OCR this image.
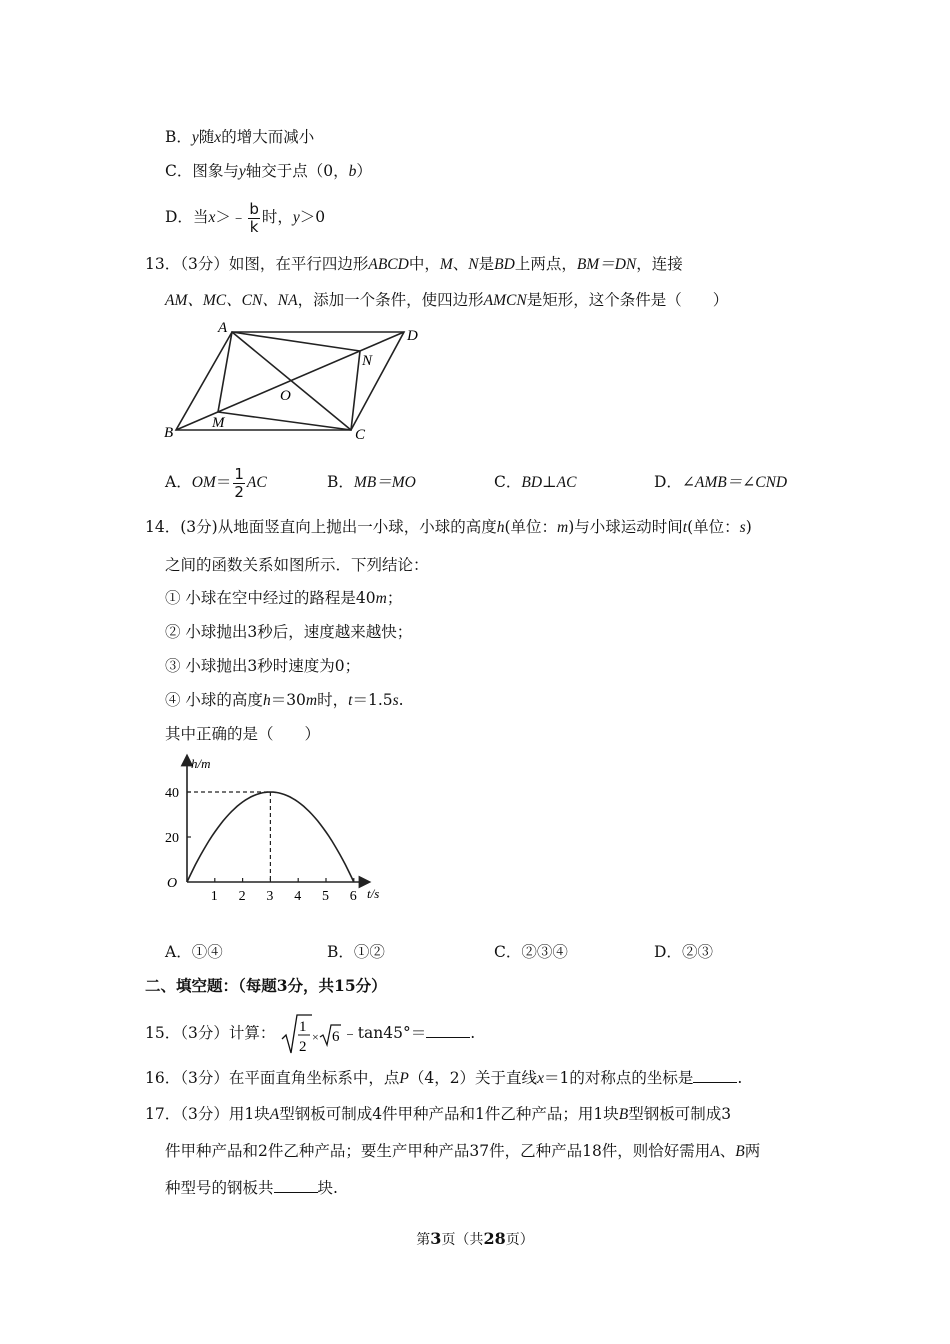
B．y随x的增大而减小
C．图象与y轴交于点（0，b）
D．当x＞﹣ $\frac{b}{k}$ 时，y＞0
13．（3分）如图，在平行四边形ABCD中，M、N是BD上两点，BM＝DN，连接
AM、MC、CN、NA，添加一个条件，使四边形AMCN是矩形，这个条件是（　　）
A	D
N
O
M
B	C
A．$OM= \frac{1}{2}$ AC	B．MB＝MO	C．BD⊥AC	D．∠AMB＝∠CND
14．(3分)从地面竖直向上抛出一小球，小球的高度h(单位：m)与小球运动时间t(单位：s)
之间的函数关系如图所示．下列结论：
① 小球在空中经过的路程是40m；
② 小球抛出3秒后，速度越来越快；
③ 小球抛出3秒时速度为0；
④ 小球的高度h＝30m时，t＝1.5s.
其中正确的是（　　）
h/m
t/s
O
1 2 3 4 5 6
20
40
A．①④	B．①②	C．②③④	D．②③
二、填空题：（每题3分，共15分）
15．（3分）计算： 1
2
× 6 ﹣tan45°＝	.
16．（3分）在平面直角坐标系中，点P（4，2）关于直线x＝1的对称点的坐标是	.
17．（3分）用1块A型钢板可制成4件甲种产品和1件乙种产品；用1块B型钢板可制成3
件甲种产品和2件乙种产品；要生产甲种产品37件，乙种产品18件，则恰好需用A、B两
种型号的钢板共	块.
第3页（共28页）
